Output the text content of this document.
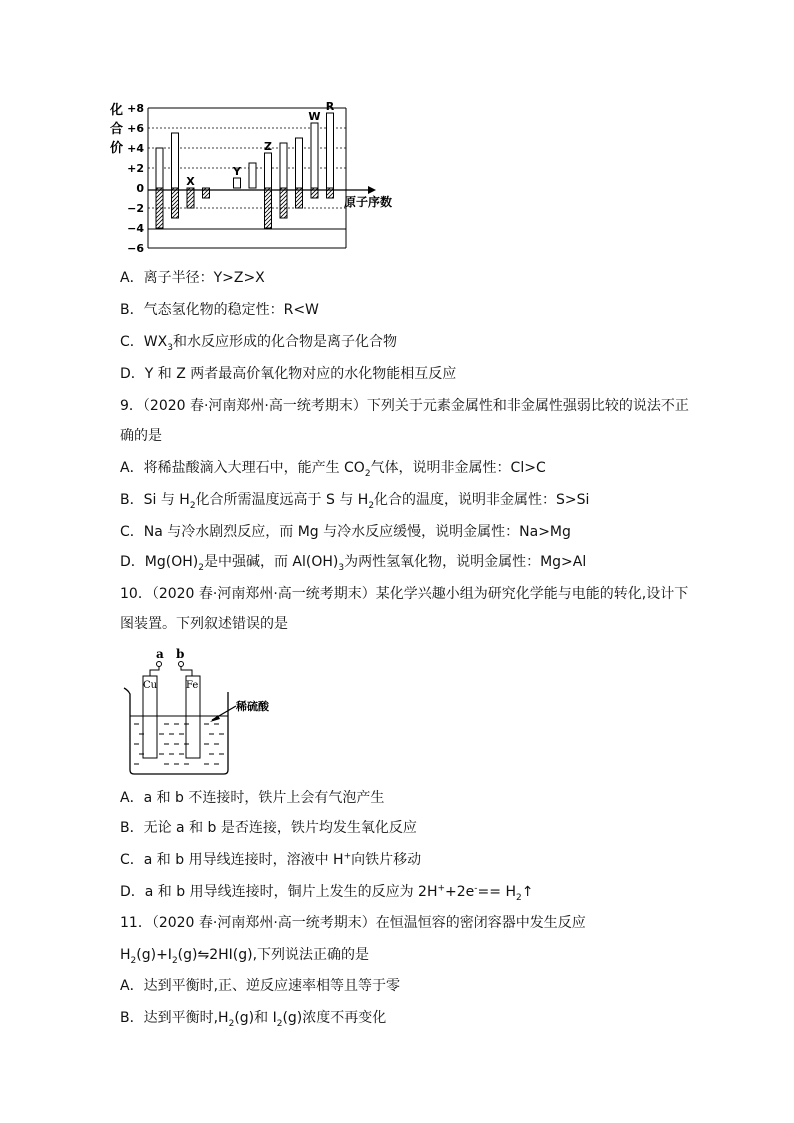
化
合
价
+8
+6
+4
+2
0
−2
−4
−6
X
Y
Z
W
R
原子序数
A．离子半径：Y>Z>X
B．气态氢化物的稳定性：R<W
C．$WX_3$和水反应形成的化合物是离子化合物
D．Y 和 Z 两者最高价氧化物对应的水化物能相互反应
9．（2020 春·河南郑州·高一统考期末）下列关于元素金属性和非金属性强弱比较的说法不正
确的是
A．将稀盐酸滴入大理石中，能产生 $CO_2$气体，说明非金属性：Cl>C
B．Si 与 $H_2$化合所需温度远高于 S 与 $H_2$化合的温度，说明非金属性：S>Si
C．Na 与冷水剧烈反应，而 Mg 与冷水反应缓慢，说明金属性：Na>Mg
D．$Mg(OH)_2$是中强碱，而 $Al(OH)_3$为两性氢氧化物，说明金属性：Mg>Al
10．（2020 春·河南郑州·高一统考期末）某化学兴趣小组为研究化学能与电能的转化,设计下
图装置。下列叙述错误的是
a b
Cu	Fe
稀硫酸
A．a 和 b 不连接时，铁片上会有气泡产生
B．无论 a 和 b 是否连接，铁片均发生氧化反应
C．a 和 b 用导线连接时，溶液中 H+向铁片移动
D．a 和 b 用导线连接时，铜片上发生的反应为 $2H^++2e^-== H_2↑$
11．（2020 春·河南郑州·高一统考期末）在恒温恒容的密闭容器中发生反应
$H_2(g)+I_2(g)⇋2HI(g)$,下列说法正确的是
A．达到平衡时,正、逆反应速率相等且等于零
B．达到平衡时$,H_2(g)$和 $I_2(g)$浓度不再变化
